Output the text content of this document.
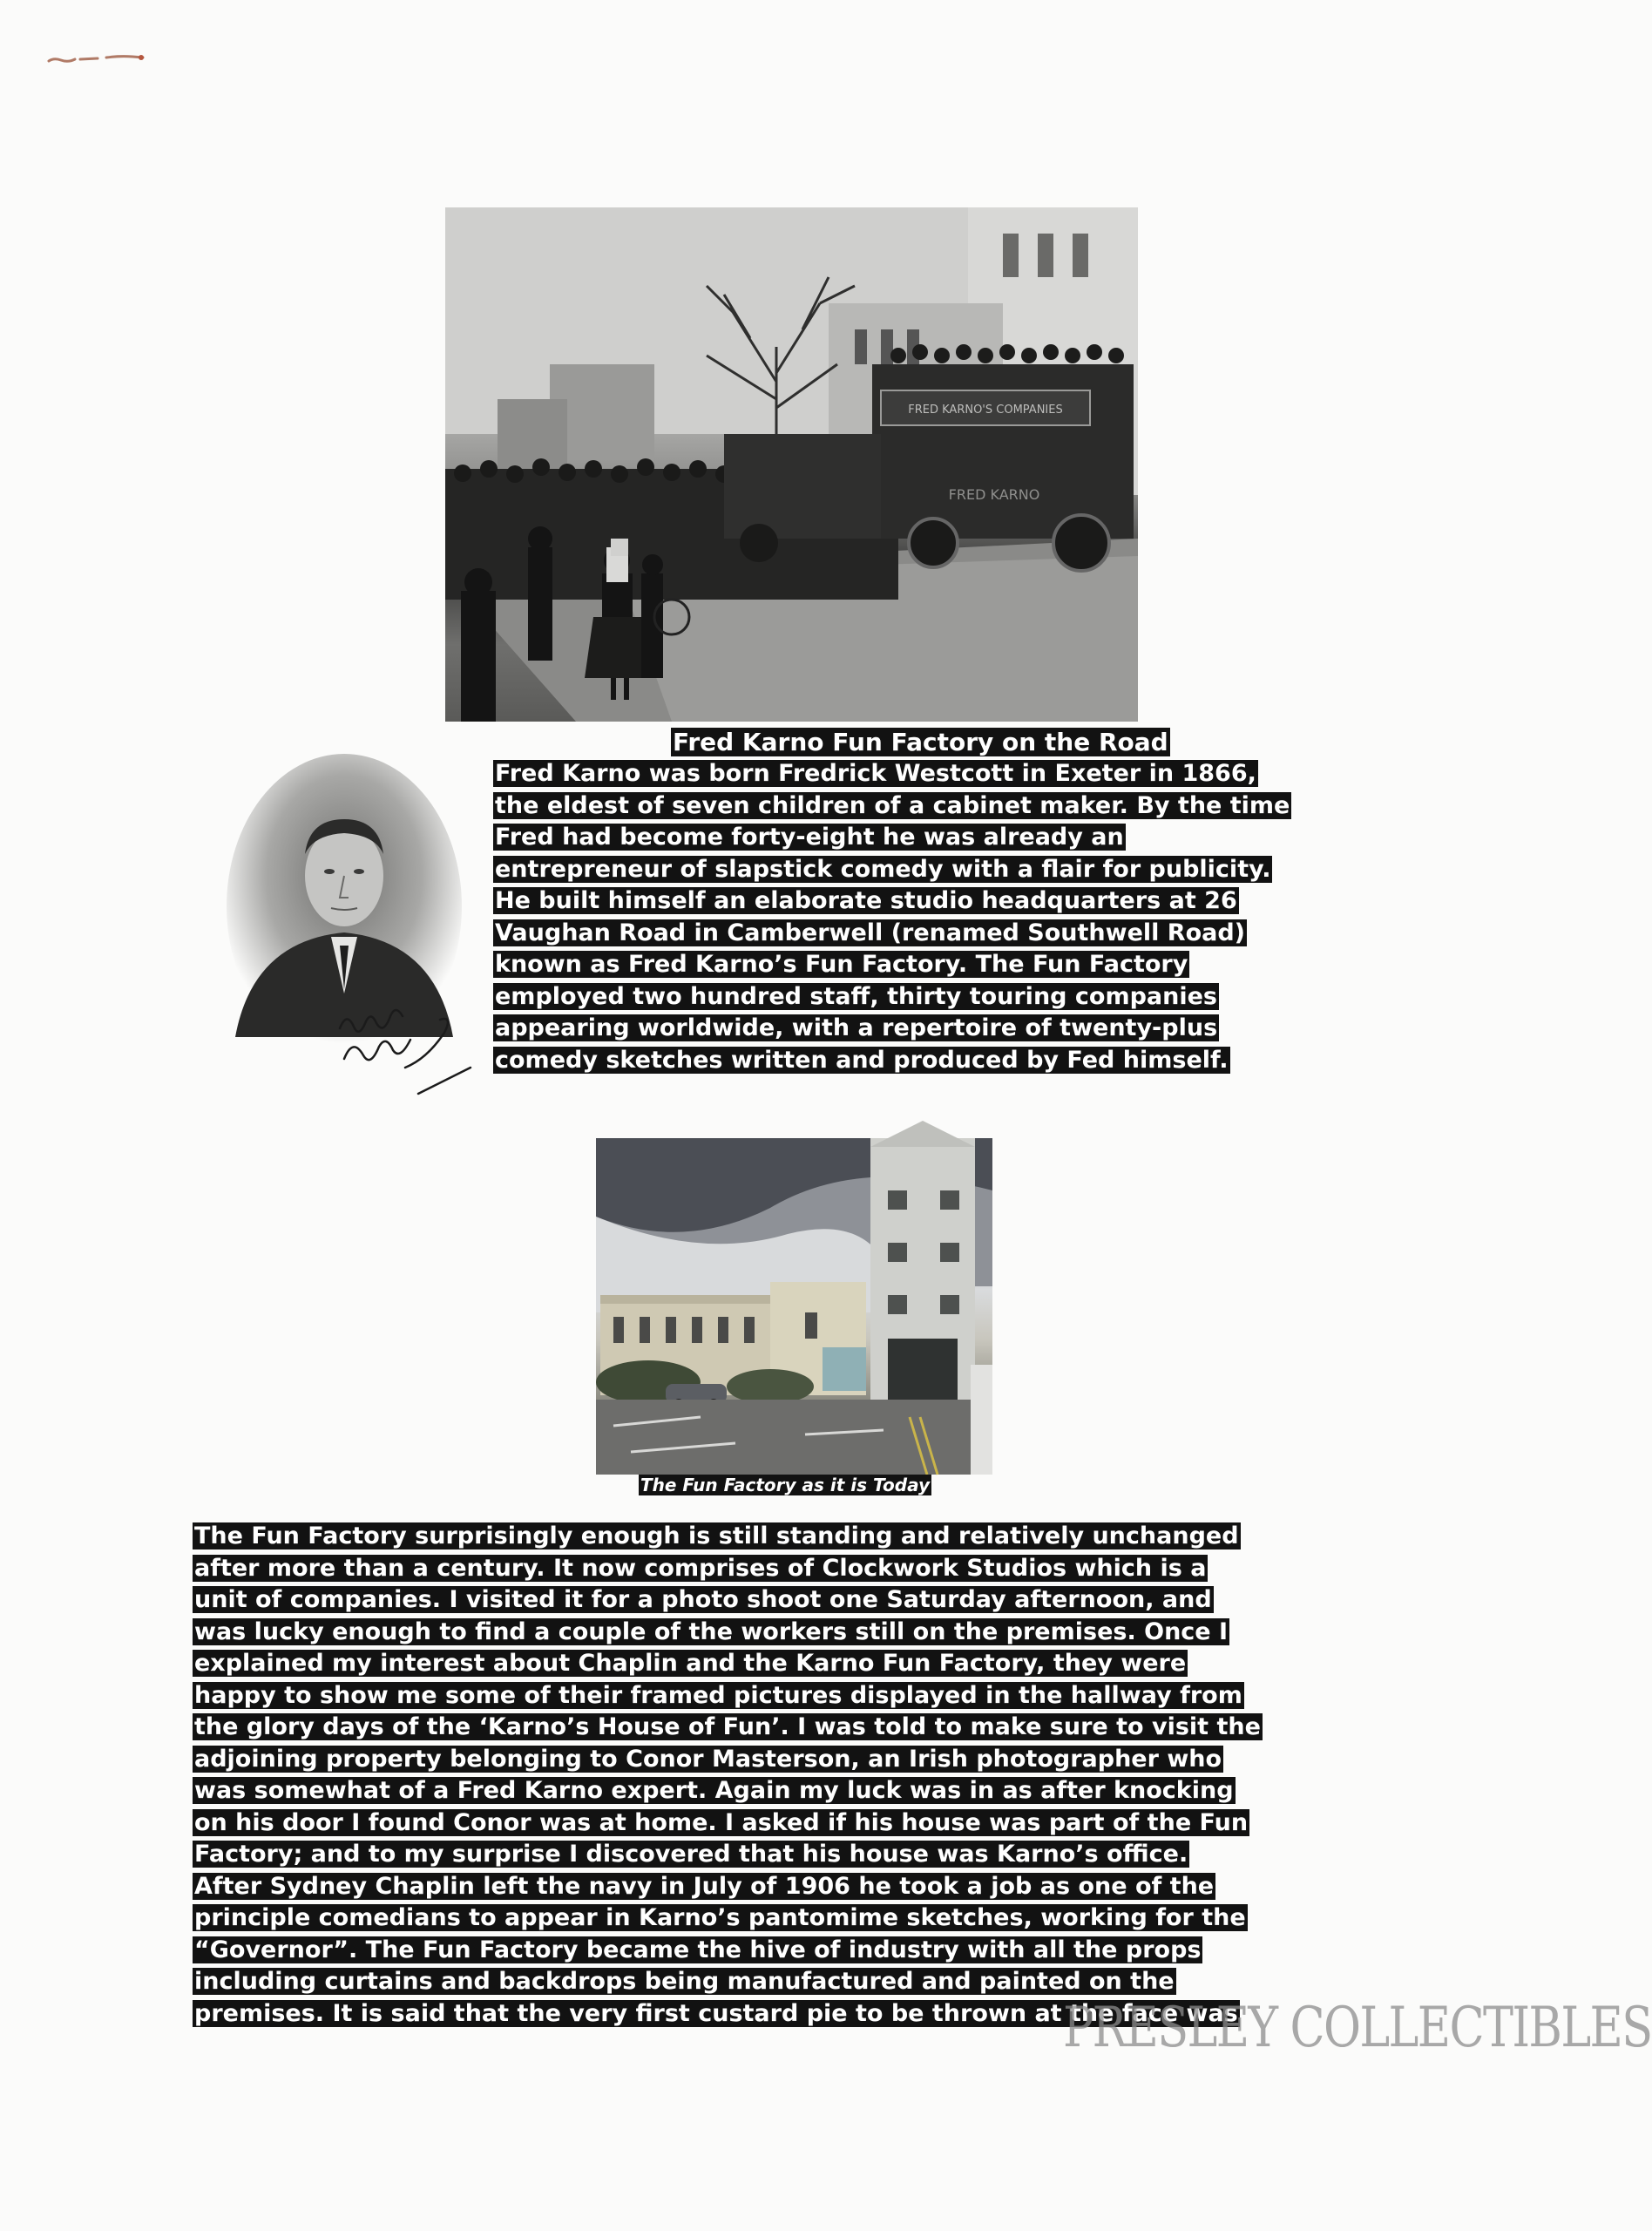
FRED KARNO'S COMPANIES
FRED KARNO
Fred Karno Fun Factory on the Road
Fred Karno was born Fredrick Westcott in Exeter in 1866,
the eldest of seven children of a cabinet maker. By the time
Fred had become forty-eight he was already an
entrepreneur of slapstick comedy with a flair for publicity.
He built himself an elaborate studio headquarters at 26
Vaughan Road in Camberwell (renamed Southwell Road)
known as Fred Karno’s Fun Factory. The Fun Factory
employed two hundred staff, thirty touring companies
appearing worldwide, with a repertoire of twenty-plus
comedy sketches written and produced by Fed himself.
The Fun Factory as it is Today
The Fun Factory surprisingly enough is still standing and relatively unchanged
after more than a century. It now comprises of Clockwork Studios which is a
unit of companies. I visited it for a photo shoot one Saturday afternoon, and
was lucky enough to find a couple of the workers still on the premises. Once I
explained my interest about Chaplin and the Karno Fun Factory, they were
happy to show me some of their framed pictures displayed in the hallway from
the glory days of the ‘Karno’s House of Fun’. I was told to make sure to visit the
adjoining property belonging to Conor Masterson, an Irish photographer who
was somewhat of a Fred Karno expert. Again my luck was in as after knocking
on his door I found Conor was at home. I asked if his house was part of the Fun
Factory; and to my surprise I discovered that his house was Karno’s office.
After Sydney Chaplin left the navy in July of 1906 he took a job as one of the
principle comedians to appear in Karno’s pantomime sketches, working for the
“Governor”. The Fun Factory became the hive of industry with all the props
including curtains and backdrops being manufactured and painted on the
premises. It is said that the very first custard pie to be thrown at the face was
PRESLEY COLLECTIBLES
